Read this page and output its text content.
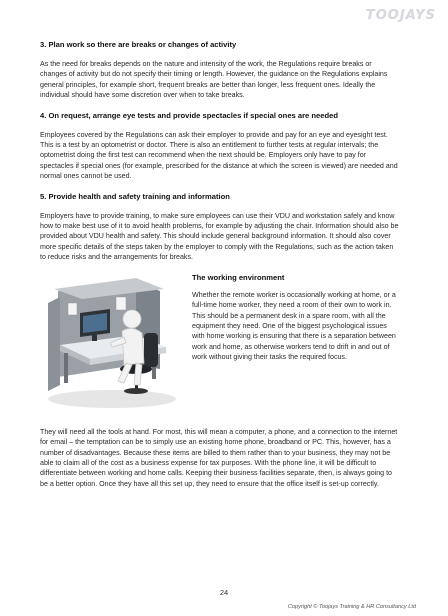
TOOJAYS
3. Plan work so there are breaks or changes of activity

As the need for breaks depends on the nature and intensity of the work, the Regulations require breaks or changes of activity but do not specify their timing or length. However, the guidance on the Regulations explains general principles, for example short, frequent breaks are better than longer, less frequent ones. Ideally the individual should have some discretion over when to take breaks.

4. On request, arrange eye tests and provide spectacles if special ones are needed

Employees covered by the Regulations can ask their employer to provide and pay for an eye and eyesight test. This is a test by an optometrist or doctor. There is also an entitlement to further tests at regular intervals; the optometrist doing the first test can recommend when the next should be. Employers only have to pay for spectacles if special ones (for example, prescribed for the distance at which the screen is viewed) are needed and normal ones cannot be used.

5. Provide health and safety training and information

Employers have to provide training, to make sure employees can use their VDU and workstation safely and know how to make best use of it to avoid health problems, for example by adjusting the chair. Information should also be provided about VDU health and safety. This should include general background information. It should also cover more specific details of the steps taken by the employer to comply with the Regulations, such as the action taken to reduce risks and the arrangements for breaks.

The working environment

Whether the remote worker is occasionally working at home, or a full-time home worker, they need a room of their own to work in. This should be a permanent desk in a spare room, with all the equipment they need. One of the biggest psychological issues with home working is ensuring that there is a separation between work and home, as otherwise workers tend to drift in and out of work without giving their tasks the required focus.

They will need all the tools at hand. For most, this will mean a computer, a phone, and a connection to the internet for email – the temptation can be to simply use an existing home phone, broadband or PC. This, however, has a number of disadvantages. Because these items are billed to them rather than to your business, they may not be able to claim all of the cost as a business expense for tax purposes. With the phone line, it will be difficult to differentiate between working and home calls. Keeping their business facilities separate, then, is always going to be a better option. Once they have all this set up, they need to ensure that the office itself is set-up correctly.

24
Copyright © Toojays Training & HR Consultancy Ltd
